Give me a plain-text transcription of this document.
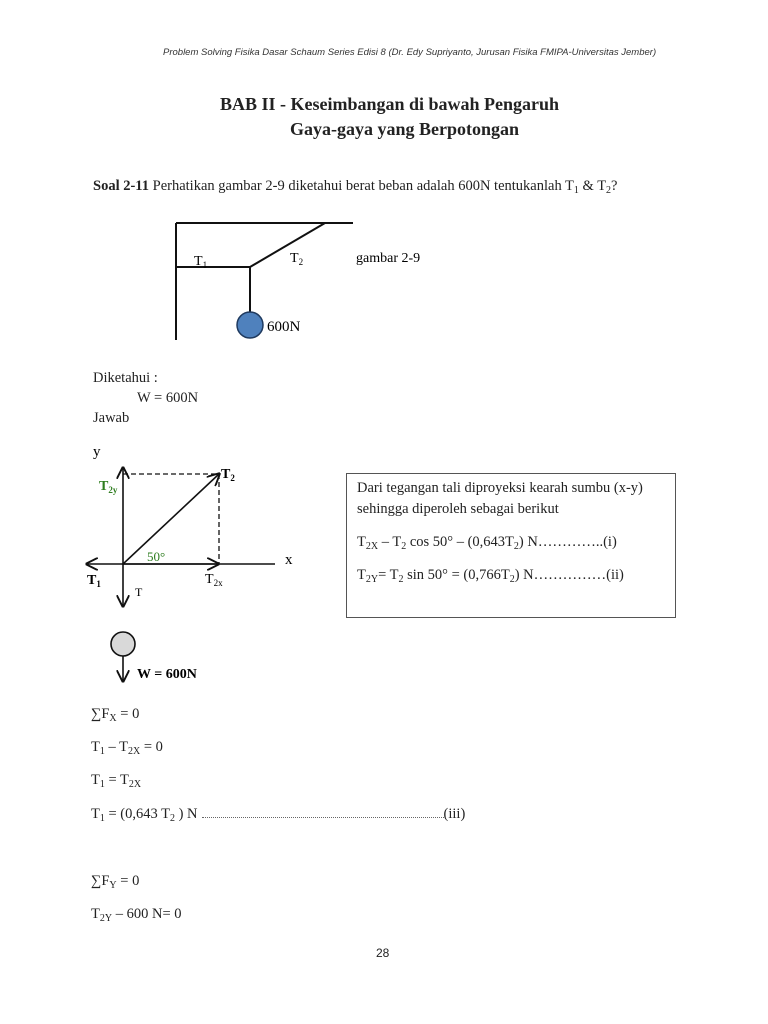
Problem Solving Fisika Dasar Schaum Series Edisi 8 (Dr. Edy Supriyanto, Jurusan Fisika FMIPA-Universitas Jember)
BAB II - Keseimbangan di bawah Pengaruh
Gaya-gaya yang Berpotongan
Soal 2-11 Perhatikan gambar 2-9 diketahui berat beban adalah 600N tentukanlah $T_1$ & $T_2$?
$T_1$	$T_2$	gambar 2-9
600N
Diketahui :
W = 600N
Jawab
y
x
$T_{2y}$
$T_2$
$T_1$	$T_{2x}$
T
50°
W = 600N
Dari tegangan tali diproyeksi kearah sumbu (x-y)
sehingga diperoleh sebagai berikut
$T_{2X} - T_2$ $\cos 50^\circ - (0,643T_2)$ N…………..(i)
$T_{2Y}= T_2$ $\sin 50^\circ = (0,766T_2)$ N……………(ii)
$\sum F_X = 0$
$T_1 - T_{2X} = 0$
$T_1 = T_{2X}$
$T_1 = (0,643$ $T_2$ ) N	(iii)
$\sum F_Y = 0$
$T_{2Y} - 600$ N= 0
28
